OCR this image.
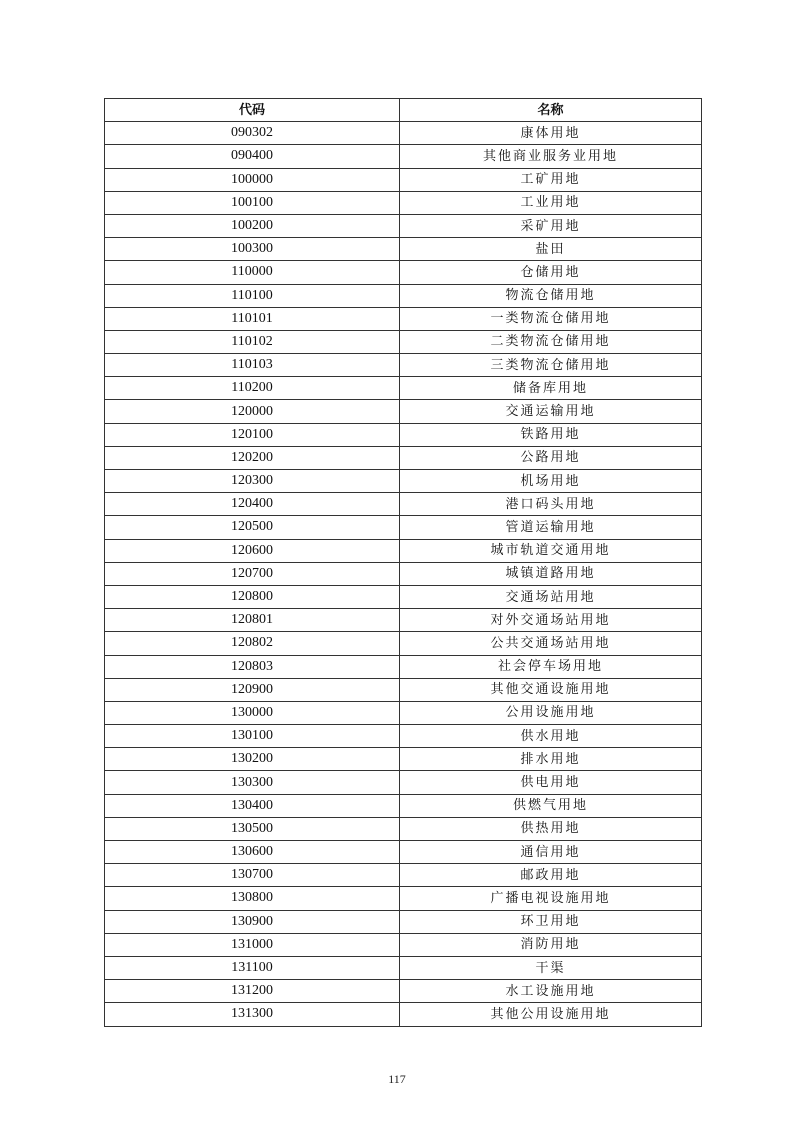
代码	名称
090302	康体用地
090400	其他商业服务业用地
100000	工矿用地
100100	工业用地
100200	采矿用地
100300	盐田
110000	仓储用地
110100	物流仓储用地
110101	一类物流仓储用地
110102	二类物流仓储用地
110103	三类物流仓储用地
110200	储备库用地
120000	交通运输用地
120100	铁路用地
120200	公路用地
120300	机场用地
120400	港口码头用地
120500	管道运输用地
120600	城市轨道交通用地
120700	城镇道路用地
120800	交通场站用地
120801	对外交通场站用地
120802	公共交通场站用地
120803	社会停车场用地
120900	其他交通设施用地
130000	公用设施用地
130100	供水用地
130200	排水用地
130300	供电用地
130400	供燃气用地
130500	供热用地
130600	通信用地
130700	邮政用地
130800	广播电视设施用地
130900	环卫用地
131000	消防用地
131100	干渠
131200	水工设施用地
131300	其他公用设施用地
117
